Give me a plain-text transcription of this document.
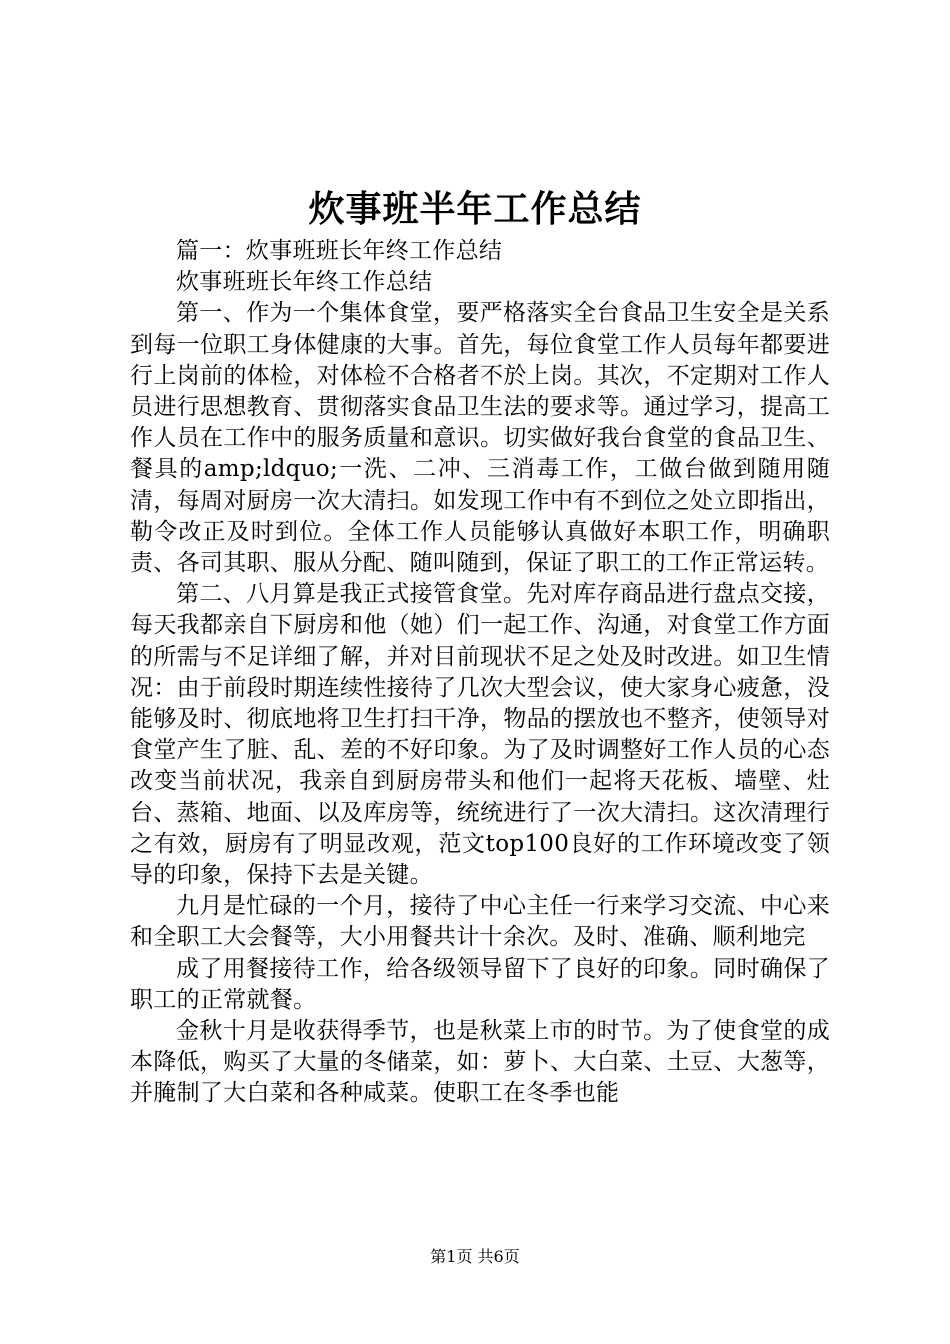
炊事班半年工作总结

篇一：炊事班班长年终工作总结

炊事班班长年终工作总结

第一、作为一个集体食堂，要严格落实全台食品卫生安全是关系到每一位职工身体健康的大事。首先，每位食堂工作人员每年都要进行上岗前的体检，对体检不合格者不於上岗。其次，不定期对工作人员进行思想教育、贯彻落实食品卫生法的要求等。通过学习，提高工作人员在工作中的服务质量和意识。切实做好我台食堂的食品卫生、餐具的amp;ldquo;一洗、二冲、三消毒工作，工做台做到随用随清，每周对厨房一次大清扫。如发现工作中有不到位之处立即指出，勒令改正及时到位。全体工作人员能够认真做好本职工作，明确职责、各司其职、服从分配、随叫随到，保证了职工的工作正常运转。

第二、八月算是我正式接管食堂。先对库存商品进行盘点交接，每天我都亲自下厨房和他（她）们一起工作、沟通，对食堂工作方面的所需与不足详细了解，并对目前现状不足之处及时改进。如卫生情况：由于前段时期连续性接待了几次大型会议，使大家身心疲惫，没能够及时、彻底地将卫生打扫干净，物品的摆放也不整齐，使领导对食堂产生了脏、乱、差的不好印象。为了及时调整好工作人员的心态改变当前状况，我亲自到厨房带头和他们一起将天花板、墙壁、灶台、蒸箱、地面、以及库房等，统统进行了一次大清扫。这次清理行之有效，厨房有了明显改观，范文top100良好的工作环境改变了领导的印象，保持下去是关键。

九月是忙碌的一个月，接待了中心主任一行来学习交流、中心来和全职工大会餐等，大小用餐共计十余次。及时、准确、顺利地完

成了用餐接待工作，给各级领导留下了良好的印象。同时确保了职工的正常就餐。

金秋十月是收获得季节，也是秋菜上市的时节。为了使食堂的成本降低，购买了大量的冬储菜，如：萝卜、大白菜、土豆、大葱等，并腌制了大白菜和各种咸菜。使职工在冬季也能

第1页 共6页
